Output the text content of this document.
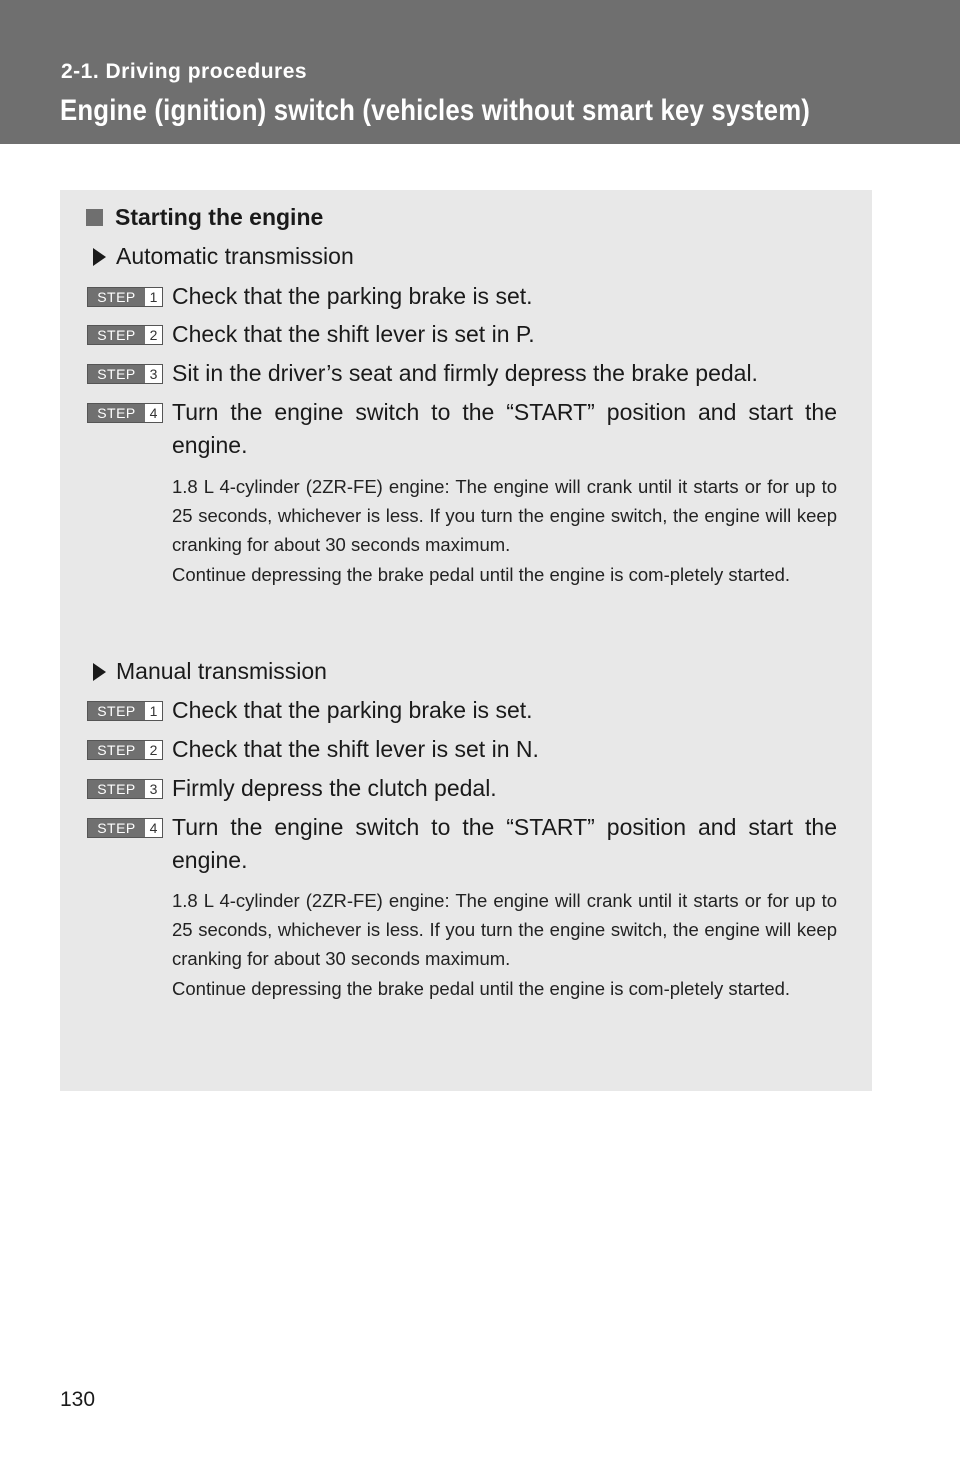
2-1. Driving procedures
Engine (ignition) switch (vehicles without smart key system)
Starting the engine
Automatic transmission
STEP 1 Check that the parking brake is set.
STEP 2 Check that the shift lever is set in P.
STEP 3 Sit in the driver’s seat and firmly depress the brake pedal.
STEP 4 Turn the engine switch to the “START” position and start the engine.

1.8 L 4-cylinder (2ZR-FE) engine: The engine will crank until it starts or for up to 25 seconds, whichever is less. If you turn the engine switch, the engine will keep cranking for about 30 seconds maximum.

Continue depressing the brake pedal until the engine is com-pletely started.

Manual transmission
STEP 1 Check that the parking brake is set.
STEP 2 Check that the shift lever is set in N.
STEP 3 Firmly depress the clutch pedal.
STEP 4 Turn the engine switch to the “START” position and start the engine.

1.8 L 4-cylinder (2ZR-FE) engine: The engine will crank until it starts or for up to 25 seconds, whichever is less. If you turn the engine switch, the engine will keep cranking for about 30 seconds maximum.

Continue depressing the brake pedal until the engine is com-pletely started.

130
